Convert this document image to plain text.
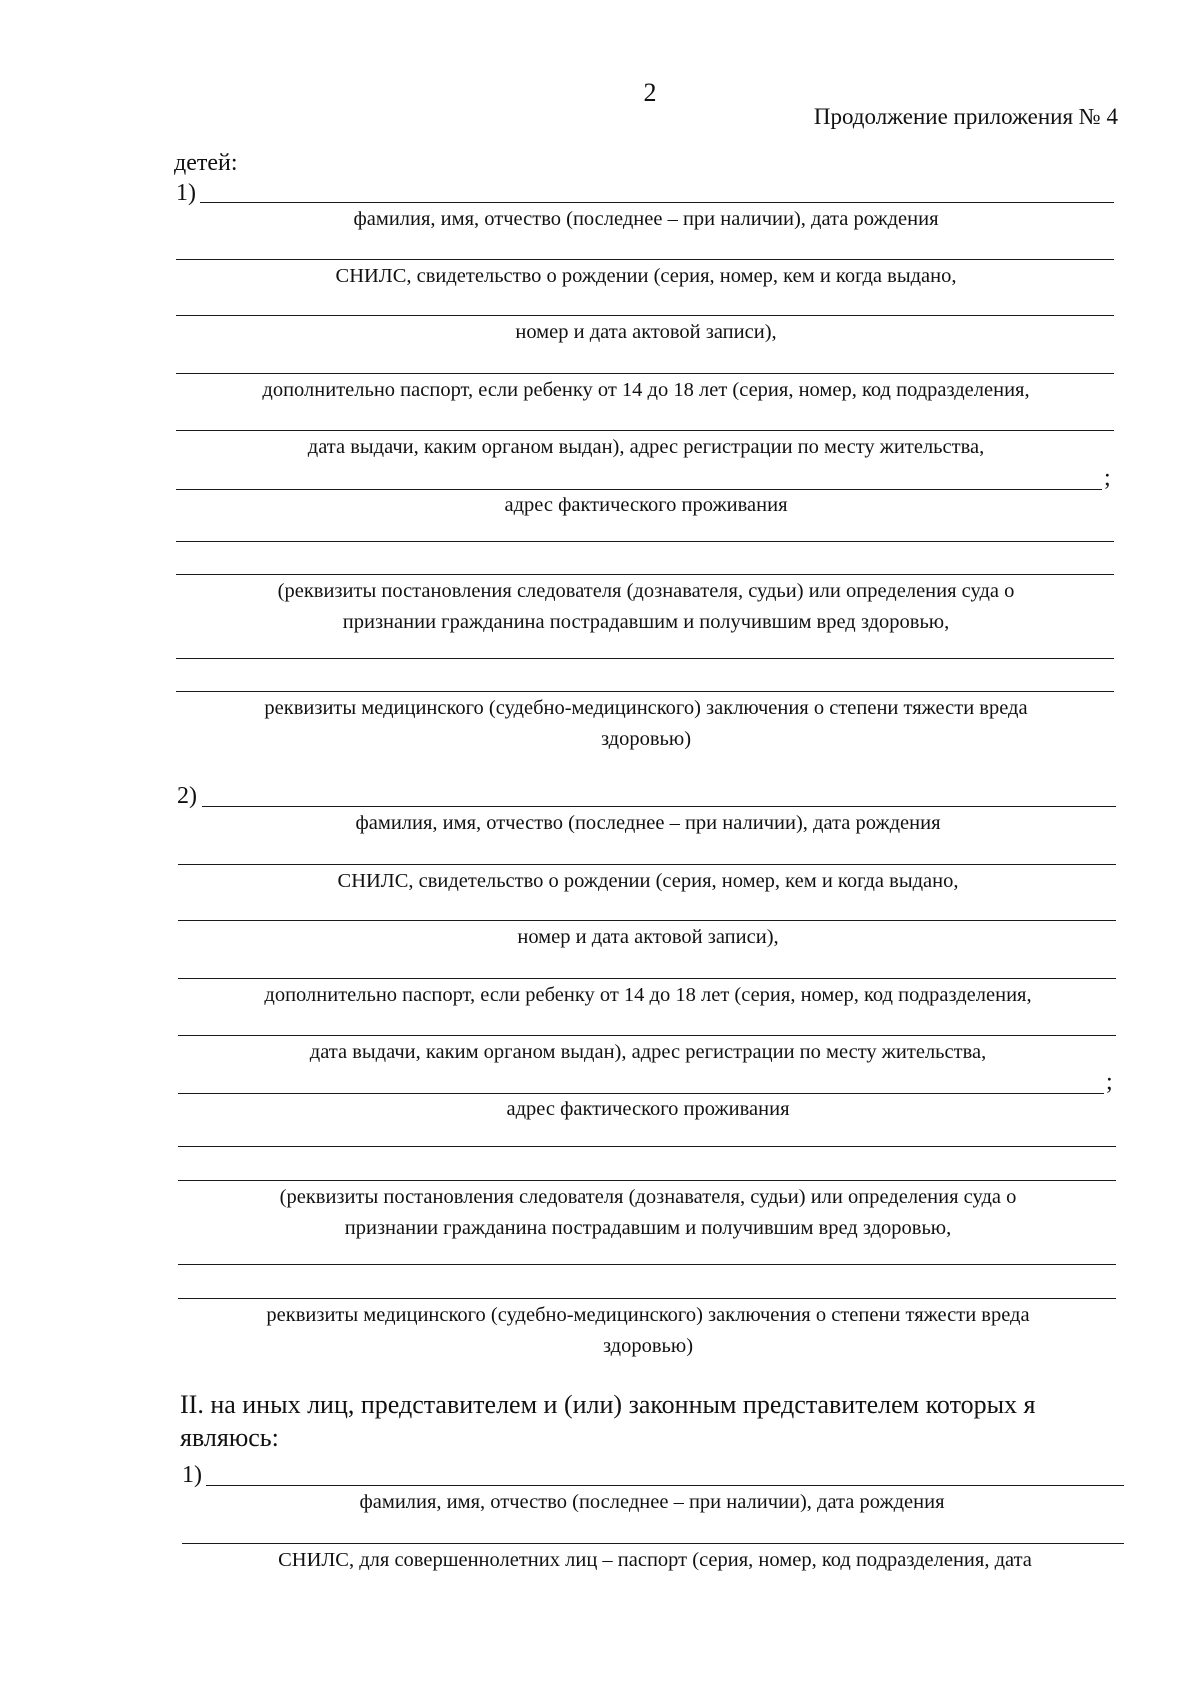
2
Продолжение приложения № 4
детей:
1)
фамилия, имя, отчество (последнее – при наличии), дата рождения
СНИЛС, свидетельство о рождении (серия, номер, кем и когда выдано,
номер и дата актовой записи),
дополнительно паспорт, если ребенку от 14 до 18 лет (серия, номер, код подразделения,
дата выдачи, каким органом выдан), адрес регистрации по месту жительства,
;
адрес фактического проживания
(реквизиты постановления следователя (дознавателя, судьи) или определения суда о
признании гражданина пострадавшим и получившим вред здоровью,
реквизиты медицинского (судебно-медицинского) заключения о степени тяжести вреда
здоровью)
2)
фамилия, имя, отчество (последнее – при наличии), дата рождения
СНИЛС, свидетельство о рождении (серия, номер, кем и когда выдано,
номер и дата актовой записи),
дополнительно паспорт, если ребенку от 14 до 18 лет (серия, номер, код подразделения,
дата выдачи, каким органом выдан), адрес регистрации по месту жительства,
;
адрес фактического проживания
(реквизиты постановления следователя (дознавателя, судьи) или определения суда о
признании гражданина пострадавшим и получившим вред здоровью,
реквизиты медицинского (судебно-медицинского) заключения о степени тяжести вреда
здоровью)
II. на иных лиц, представителем и (или) законным представителем которых я
являюсь:
1)
фамилия, имя, отчество (последнее – при наличии), дата рождения
СНИЛС, для совершеннолетних лиц – паспорт (серия, номер, код подразделения, дата
